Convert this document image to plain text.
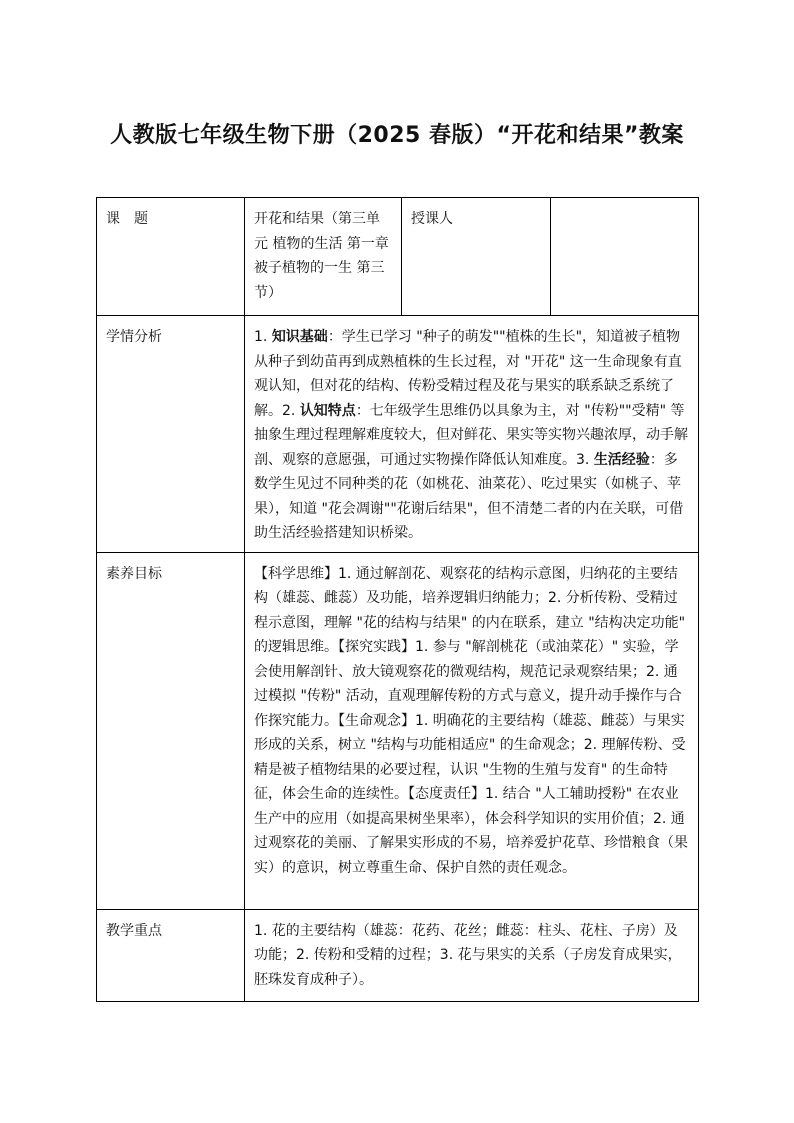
人教版七年级生物下册（2025 春版）“开花和结果”教案
课　题	开花和结果（第三单元 植物的生活 第一章 被子植物的一生 第三节）	授课人	
学情分析	1. 知识基础：学生已学习 "种子的萌发""植株的生长"，知道被子植物从种子到幼苗再到成熟植株的生长过程，对 "开花" 这一生命现象有直观认知，但对花的结构、传粉受精过程及花与果实的联系缺乏系统了解。2. 认知特点：七年级学生思维仍以具象为主，对 "传粉""受精" 等抽象生理过程理解难度较大，但对鲜花、果实等实物兴趣浓厚，动手解剖、观察的意愿强，可通过实物操作降低认知难度。3. 生活经验：多数学生见过不同种类的花（如桃花、油菜花）、吃过果实（如桃子、苹果），知道 "花会凋谢""花谢后结果"，但不清楚二者的内在关联，可借助生活经验搭建知识桥梁。		
素养目标	【科学思维】1. 通过解剖花、观察花的结构示意图，归纳花的主要结构（雄蕊、雌蕊）及功能，培养逻辑归纳能力；2. 分析传粉、受精过程示意图，理解 "花的结构与结果" 的内在联系，建立 "结构决定功能" 的逻辑思维。【探究实践】1. 参与 "解剖桃花（或油菜花）" 实验，学会使用解剖针、放大镜观察花的微观结构，规范记录观察结果；2. 通过模拟 "传粉" 活动，直观理解传粉的方式与意义，提升动手操作与合作探究能力。【生命观念】1. 明确花的主要结构（雄蕊、雌蕊）与果实形成的关系，树立 "结构与功能相适应" 的生命观念；2. 理解传粉、受精是被子植物结果的必要过程，认识 "生物的生殖与发育" 的生命特征，体会生命的连续性。【态度责任】1. 结合 "人工辅助授粉" 在农业生产中的应用（如提高果树坐果率），体会科学知识的实用价值；2. 通过观察花的美丽、了解果实形成的不易，培养爱护花草、珍惜粮食（果实）的意识，树立尊重生命、保护自然的责任观念。		
教学重点	1. 花的主要结构（雄蕊：花药、花丝；雌蕊：柱头、花柱、子房）及功能；2. 传粉和受精的过程；3. 花与果实的关系（子房发育成果实，胚珠发育成种子）。		
